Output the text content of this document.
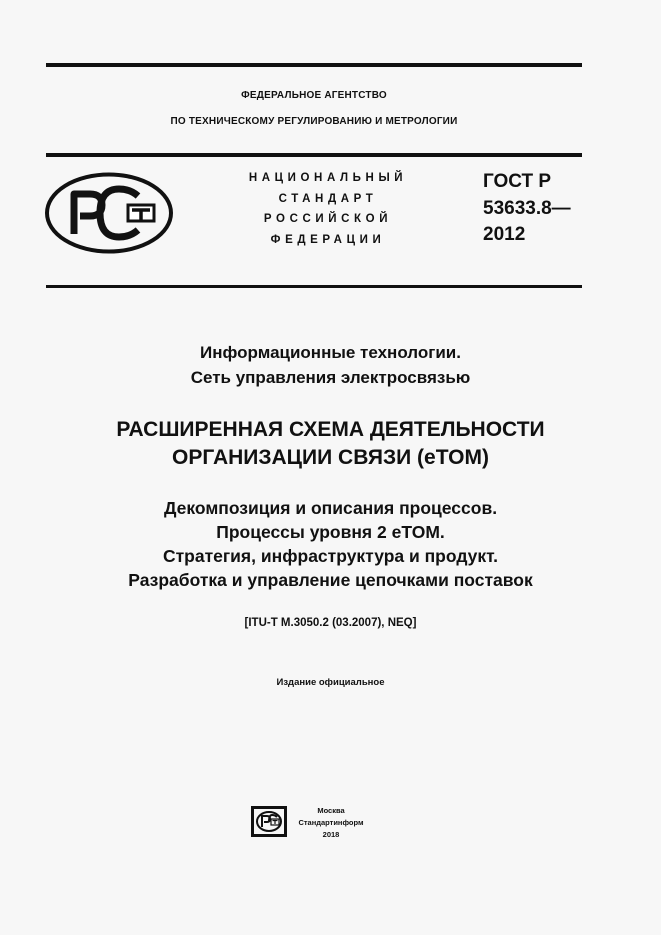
ФЕДЕРАЛЬНОЕ АГЕНТСТВО
ПО ТЕХНИЧЕСКОМУ РЕГУЛИРОВАНИЮ И МЕТРОЛОГИИ
НАЦИОНАЛЬНЫЙ
СТАНДАРТ
РОССИЙСКОЙ
ФЕДЕРАЦИИ
ГОСТ Р
53633.8—
2012
Информационные технологии.
Сеть управления электросвязью
РАСШИРЕННАЯ СХЕМА ДЕЯТЕЛЬНОСТИ
ОРГАНИЗАЦИИ СВЯЗИ (eTOM)
Декомпозиция и описания процессов.
Процессы уровня 2 eTOM.
Стратегия, инфраструктура и продукт.
Разработка и управление цепочками поставок
[ITU-T M.3050.2 (03.2007), NEQ]
Издание официальное
Москва
Стандартинформ
2018
